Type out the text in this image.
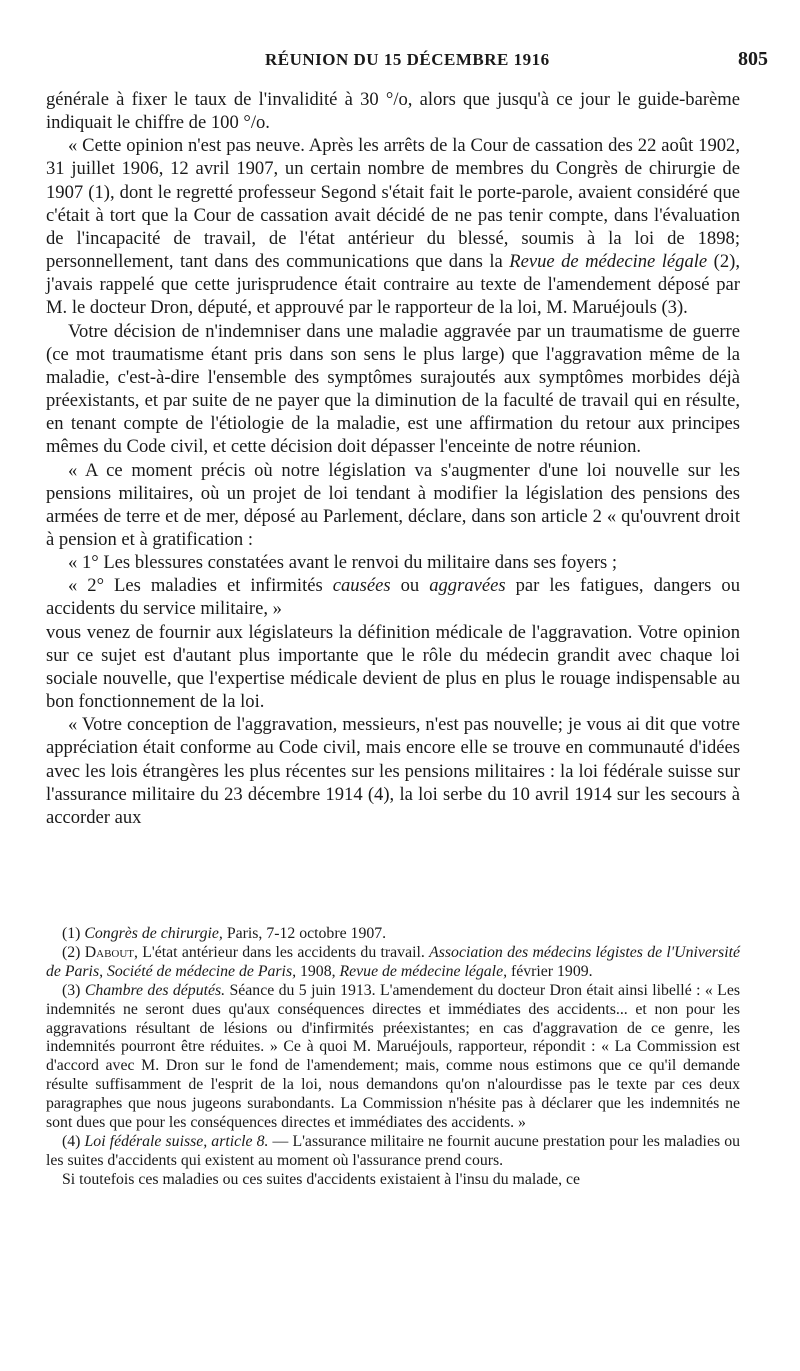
RÉUNION DU 15 DÉCEMBRE 1916	805

générale à fixer le taux de l'invalidité à 30 °/o, alors que jusqu'à ce jour le guide-barème indiquait le chiffre de 100 °/o.

« Cette opinion n'est pas neuve. Après les arrêts de la Cour de cassation des 22 août 1902, 31 juillet 1906, 12 avril 1907, un certain nombre de membres du Congrès de chirurgie de 1907 (1), dont le regretté professeur Segond s'était fait le porte-parole, avaient considéré que c'était à tort que la Cour de cassation avait décidé de ne pas tenir compte, dans l'évaluation de l'incapacité de travail, de l'état antérieur du blessé, soumis à la loi de 1898; personnellement, tant dans des communications que dans la Revue de médecine légale (2), j'avais rappelé que cette jurisprudence était contraire au texte de l'amendement déposé par M. le docteur Dron, député, et approuvé par le rapporteur de la loi, M. Maruéjouls (3).

Votre décision de n'indemniser dans une maladie aggravée par un traumatisme de guerre (ce mot traumatisme étant pris dans son sens le plus large) que l'aggravation même de la maladie, c'est-à-dire l'ensemble des symptômes surajoutés aux symptômes morbides déjà préexistants, et par suite de ne payer que la diminution de la faculté de travail qui en résulte, en tenant compte de l'étiologie de la maladie, est une affirmation du retour aux principes mêmes du Code civil, et cette décision doit dépasser l'enceinte de notre réunion.

« A ce moment précis où notre législation va s'augmenter d'une loi nouvelle sur les pensions militaires, où un projet de loi tendant à modifier la législation des pensions des armées de terre et de mer, déposé au Parlement, déclare, dans son article 2 « qu'ouvrent droit à pension et à gratification :

« 1° Les blessures constatées avant le renvoi du militaire dans ses foyers ;

« 2° Les maladies et infirmités causées ou aggravées par les fatigues, dangers ou accidents du service militaire, »

vous venez de fournir aux législateurs la définition médicale de l'aggravation. Votre opinion sur ce sujet est d'autant plus importante que le rôle du médecin grandit avec chaque loi sociale nouvelle, que l'expertise médicale devient de plus en plus le rouage indispensable au bon fonctionnement de la loi.

« Votre conception de l'aggravation, messieurs, n'est pas nouvelle; je vous ai dit que votre appréciation était conforme au Code civil, mais encore elle se trouve en communauté d'idées avec les lois étrangères les plus récentes sur les pensions militaires : la loi fédérale suisse sur l'assurance militaire du 23 décembre 1914 (4), la loi serbe du 10 avril 1914 sur les secours à accorder aux

(1) Congrès de chirurgie, Paris, 7-12 octobre 1907.

(2) Dabout, L'état antérieur dans les accidents du travail. Association des médecins légistes de l'Université de Paris, Société de médecine de Paris, 1908, Revue de médecine légale, février 1909.

(3) Chambre des députés. Séance du 5 juin 1913. L'amendement du docteur Dron était ainsi libellé : « Les indemnités ne seront dues qu'aux conséquences directes et immédiates des accidents... et non pour les aggravations résultant de lésions ou d'infirmités préexistantes; en cas d'aggravation de ce genre, les indemnités pourront être réduites. » Ce à quoi M. Maruéjouls, rapporteur, répondit : « La Commission est d'accord avec M. Dron sur le fond de l'amendement; mais, comme nous estimons que ce qu'il demande résulte suffisamment de l'esprit de la loi, nous demandons qu'on n'alourdisse pas le texte par ces deux paragraphes que nous jugeons surabondants. La Commission n'hésite pas à déclarer que les indemnités ne sont dues que pour les conséquences directes et immédiates des accidents. »

(4) Loi fédérale suisse, article 8. — L'assurance militaire ne fournit aucune prestation pour les maladies ou les suites d'accidents qui existent au moment où l'assurance prend cours.

Si toutefois ces maladies ou ces suites d'accidents existaient à l'insu du malade, ce
